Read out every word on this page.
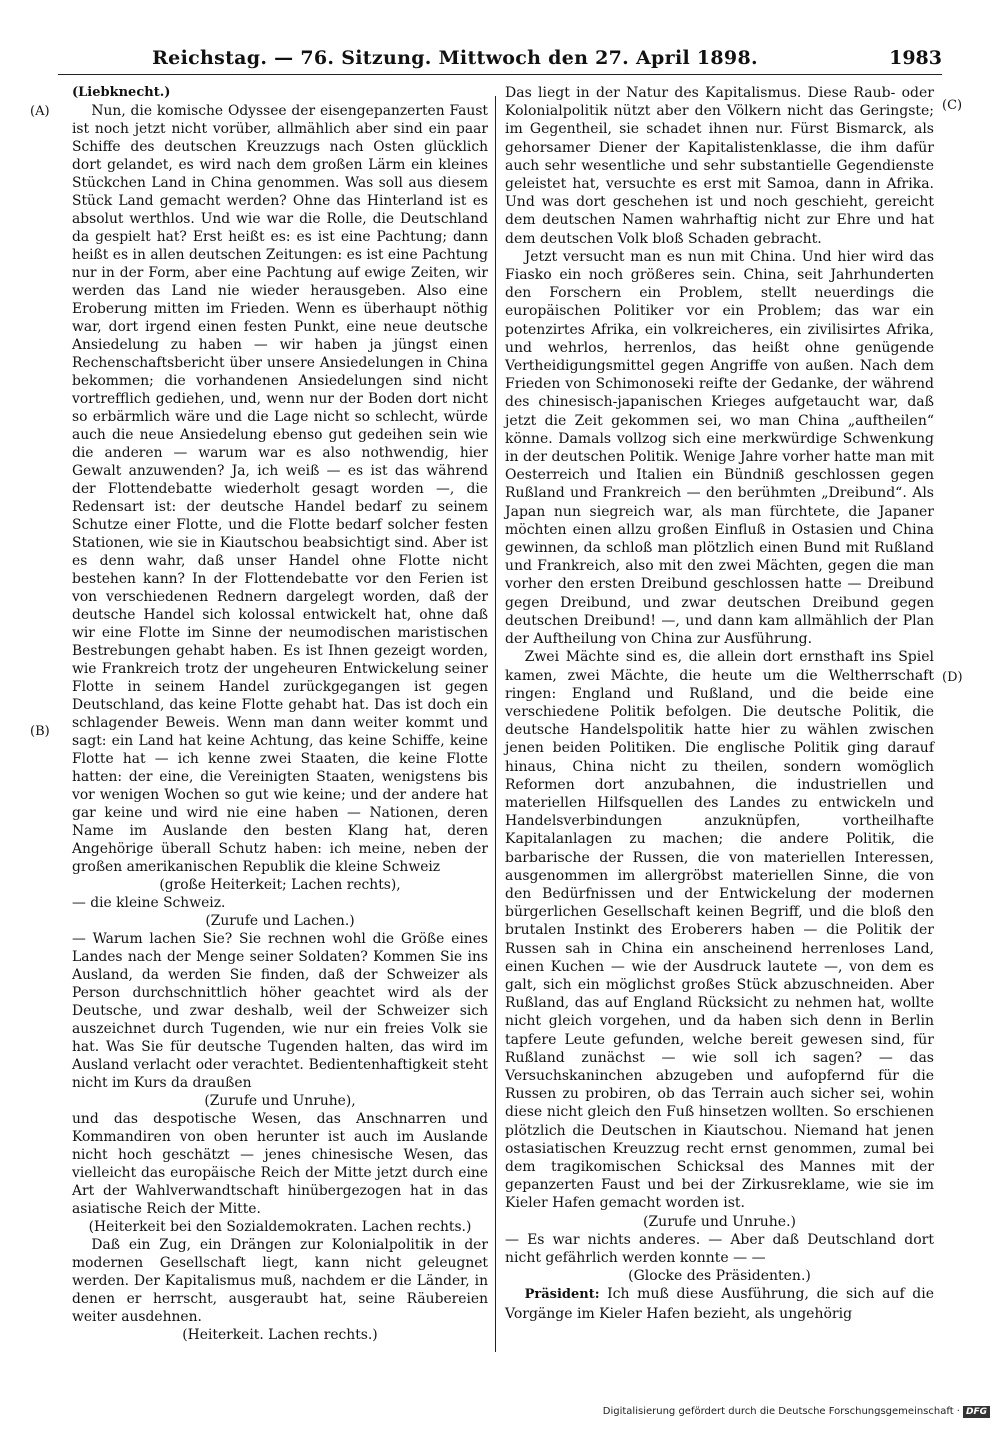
Reichstag. — 76. Sitzung. Mittwoch den 27. April 1898.	1983
(A)
(B)
(C)
(D)

(Liebknecht.)

Nun, die komische Odyssee der eisengepanzerten Faust ist noch jetzt nicht vorüber, allmählich aber sind ein paar Schiffe des deutschen Kreuzzugs nach Osten glücklich dort gelandet, es wird nach dem großen Lärm ein kleines Stückchen Land in China genommen. Was soll aus diesem Stück Land gemacht werden? Ohne das Hinterland ist es absolut werthlos. Und wie war die Rolle, die Deutschland da gespielt hat? Erst heißt es: es ist eine Pachtung; dann heißt es in allen deutschen Zeitungen: es ist eine Pachtung nur in der Form, aber eine Pachtung auf ewige Zeiten, wir werden das Land nie wieder herausgeben. Also eine Eroberung mitten im Frieden. Wenn es überhaupt nöthig war, dort irgend einen festen Punkt, eine neue deutsche Ansiedelung zu haben — wir haben ja jüngst einen Rechenschaftsbericht über unsere Ansiedelungen in China bekommen; die vorhandenen Ansiedelungen sind nicht vortrefflich gediehen, und, wenn nur der Boden dort nicht so erbärmlich wäre und die Lage nicht so schlecht, würde auch die neue Ansiedelung ebenso gut gedeihen sein wie die anderen — warum war es also nothwendig, hier Gewalt anzuwenden? Ja, ich weiß — es ist das während der Flottendebatte wiederholt gesagt worden —, die Redensart ist: der deutsche Handel bedarf zu seinem Schutze einer Flotte, und die Flotte bedarf solcher festen Stationen, wie sie in Kiautschou beabsichtigt sind. Aber ist es denn wahr, daß unser Handel ohne Flotte nicht bestehen kann? In der Flottendebatte vor den Ferien ist von verschiedenen Rednern dargelegt worden, daß der deutsche Handel sich kolossal entwickelt hat, ohne daß wir eine Flotte im Sinne der neumodischen maristischen Bestrebungen gehabt haben. Es ist Ihnen gezeigt worden, wie Frankreich trotz der ungeheuren Entwickelung seiner Flotte in seinem Handel zurückgegangen ist gegen Deutschland, das keine Flotte gehabt hat. Das ist doch ein schlagender Beweis. Wenn man dann weiter kommt und sagt: ein Land hat keine Achtung, das keine Schiffe, keine Flotte hat — ich kenne zwei Staaten, die keine Flotte hatten: der eine, die Vereinigten Staaten, wenigstens bis vor wenigen Wochen so gut wie keine; und der andere hat gar keine und wird nie eine haben — Nationen, deren Name im Auslande den besten Klang hat, deren Angehörige überall Schutz haben: ich meine, neben der großen amerikanischen Republik die kleine Schweiz

(große Heiterkeit; Lachen rechts),

— die kleine Schweiz.

(Zurufe und Lachen.)

— Warum lachen Sie? Sie rechnen wohl die Größe eines Landes nach der Menge seiner Soldaten? Kommen Sie ins Ausland, da werden Sie finden, daß der Schweizer als Person durchschnittlich höher geachtet wird als der Deutsche, und zwar deshalb, weil der Schweizer sich auszeichnet durch Tugenden, wie nur ein freies Volk sie hat. Was Sie für deutsche Tugenden halten, das wird im Ausland verlacht oder verachtet. Bedientenhaftigkeit steht nicht im Kurs da draußen

(Zurufe und Unruhe),

und das despotische Wesen, das Anschnarren und Kommandiren von oben herunter ist auch im Auslande nicht hoch geschätzt — jenes chinesische Wesen, das vielleicht das europäische Reich der Mitte jetzt durch eine Art der Wahlverwandtschaft hinübergezogen hat in das asiatische Reich der Mitte.

(Heiterkeit bei den Sozialdemokraten. Lachen rechts.)

Daß ein Zug, ein Drängen zur Kolonialpolitik in der modernen Gesellschaft liegt, kann nicht geleugnet werden. Der Kapitalismus muß, nachdem er die Länder, in denen er herrscht, ausgeraubt hat, seine Räubereien weiter ausdehnen.

(Heiterkeit. Lachen rechts.)

Das liegt in der Natur des Kapitalismus. Diese Raub- oder Kolonialpolitik nützt aber den Völkern nicht das Geringste; im Gegentheil, sie schadet ihnen nur. Fürst Bismarck, als gehorsamer Diener der Kapitalistenklasse, die ihm dafür auch sehr wesentliche und sehr substantielle Gegendienste geleistet hat, versuchte es erst mit Samoa, dann in Afrika. Und was dort geschehen ist und noch geschieht, gereicht dem deutschen Namen wahrhaftig nicht zur Ehre und hat dem deutschen Volk bloß Schaden gebracht.

Jetzt versucht man es nun mit China. Und hier wird das Fiasko ein noch größeres sein. China, seit Jahrhunderten den Forschern ein Problem, stellt neuerdings die europäischen Politiker vor ein Problem; das war ein potenzirtes Afrika, ein volkreicheres, ein zivilisirtes Afrika, und wehrlos, herrenlos, das heißt ohne genügende Vertheidigungsmittel gegen Angriffe von außen. Nach dem Frieden von Schimonoseki reifte der Gedanke, der während des chinesisch-japanischen Krieges aufgetaucht war, daß jetzt die Zeit gekommen sei, wo man China „auftheilen“ könne. Damals vollzog sich eine merkwürdige Schwenkung in der deutschen Politik. Wenige Jahre vorher hatte man mit Oesterreich und Italien ein Bündniß geschlossen gegen Rußland und Frankreich — den berühmten „Dreibund“. Als Japan nun siegreich war, als man fürchtete, die Japaner möchten einen allzu großen Einfluß in Ostasien und China gewinnen, da schloß man plötzlich einen Bund mit Rußland und Frankreich, also mit den zwei Mächten, gegen die man vorher den ersten Dreibund geschlossen hatte — Dreibund gegen Dreibund, und zwar deutschen Dreibund gegen deutschen Dreibund! —, und dann kam allmählich der Plan der Auftheilung von China zur Ausführung.

Zwei Mächte sind es, die allein dort ernsthaft ins Spiel kamen, zwei Mächte, die heute um die Weltherrschaft ringen: England und Rußland, und die beide eine verschiedene Politik befolgen. Die deutsche Politik, die deutsche Handelspolitik hatte hier zu wählen zwischen jenen beiden Politiken. Die englische Politik ging darauf hinaus, China nicht zu theilen, sondern womöglich Reformen dort anzubahnen, die industriellen und materiellen Hilfsquellen des Landes zu entwickeln und Handelsverbindungen anzuknüpfen, vortheilhafte Kapitalanlagen zu machen; die andere Politik, die barbarische der Russen, die von materiellen Interessen, ausgenommen im allergröbst materiellen Sinne, die von den Bedürfnissen und der Entwickelung der modernen bürgerlichen Gesellschaft keinen Begriff, und die bloß den brutalen Instinkt des Eroberers haben — die Politik der Russen sah in China ein anscheinend herrenloses Land, einen Kuchen — wie der Ausdruck lautete —, von dem es galt, sich ein möglichst großes Stück abzuschneiden. Aber Rußland, das auf England Rücksicht zu nehmen hat, wollte nicht gleich vorgehen, und da haben sich denn in Berlin tapfere Leute gefunden, welche bereit gewesen sind, für Rußland zunächst — wie soll ich sagen? — das Versuchskaninchen abzugeben und aufopfernd für die Russen zu probiren, ob das Terrain auch sicher sei, wohin diese nicht gleich den Fuß hinsetzen wollten. So erschienen plötzlich die Deutschen in Kiautschou. Niemand hat jenen ostasiatischen Kreuzzug recht ernst genommen, zumal bei dem tragikomischen Schicksal des Mannes mit der gepanzerten Faust und bei der Zirkusreklame, wie sie im Kieler Hafen gemacht worden ist.

(Zurufe und Unruhe.)

— Es war nichts anderes. — Aber daß Deutschland dort nicht gefährlich werden konnte — —

(Glocke des Präsidenten.)

Präsident: Ich muß diese Ausführung, die sich auf die Vorgänge im Kieler Hafen bezieht, als ungehörig

Digitalisierung gefördert durch die Deutsche Forschungsgemeinschaft · DFG
